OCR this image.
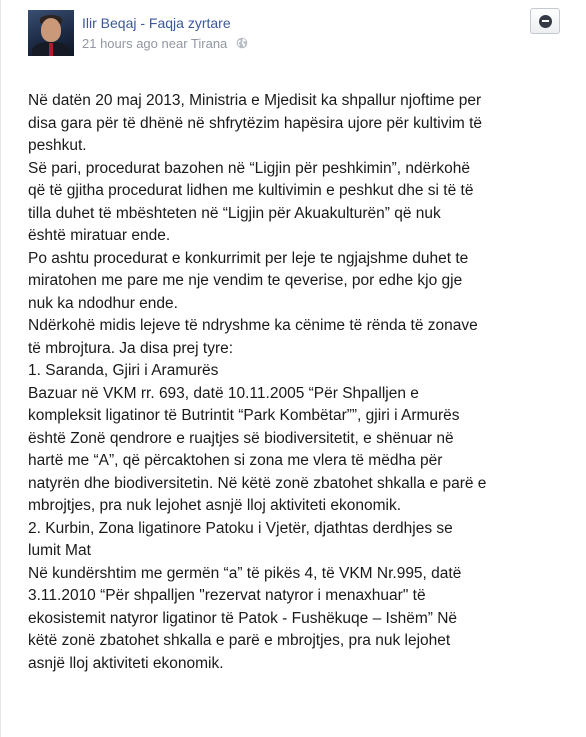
Ilir Beqaj - Faqja zyrtare
21 hours ago near Tirana

Në datën 20 maj 2013, Ministria e Mjedisit ka shpallur njoftime per

disa gara për të dhënë në shfrytëzim hapësira ujore për kultivim të

peshkut.

Së pari, procedurat bazohen në “Ligjin për peshkimin”, ndërkohë

që të gjitha procedurat lidhen me kultivimin e peshkut dhe si të të

tilla duhet të mbështeten në “Ligjin për Akuakulturën” që nuk

është miratuar ende.

Po ashtu procedurat e konkurrimit per leje te ngjajshme duhet te

miratohen me pare me nje vendim te qeverise, por edhe kjo gje

nuk ka ndodhur ende.

Ndërkohë midis lejeve të ndryshme ka cënime të rënda të zonave

të mbrojtura. Ja disa prej tyre:

1. Saranda, Gjiri i Aramurës

Bazuar në VKM rr. 693, datë 10.11.2005 “Për Shpalljen e

kompleksit ligatinor të Butrintit “Park Kombëtar””, gjiri i Armurës

është Zonë qendrore e ruajtjes së biodiversitetit, e shënuar në

hartë me “A”, që përcaktohen si zona me vlera të mëdha për

natyrën dhe biodiversitetin. Në këtë zonë zbatohet shkalla e parë e

mbrojtjes, pra nuk lejohet asnjë lloj aktiviteti ekonomik.

2. Kurbin, Zona ligatinore Patoku i Vjetër, djathtas derdhjes se

lumit Mat

Në kundërshtim me germën “a” të pikës 4, të VKM Nr.995, datë

3.11.2010 “Për shpalljen "rezervat natyror i menaxhuar" të

ekosistemit natyror ligatinor të Patok - Fushëkuqe – Ishëm” Në

këtë zonë zbatohet shkalla e parë e mbrojtjes, pra nuk lejohet

asnjë lloj aktiviteti ekonomik.
